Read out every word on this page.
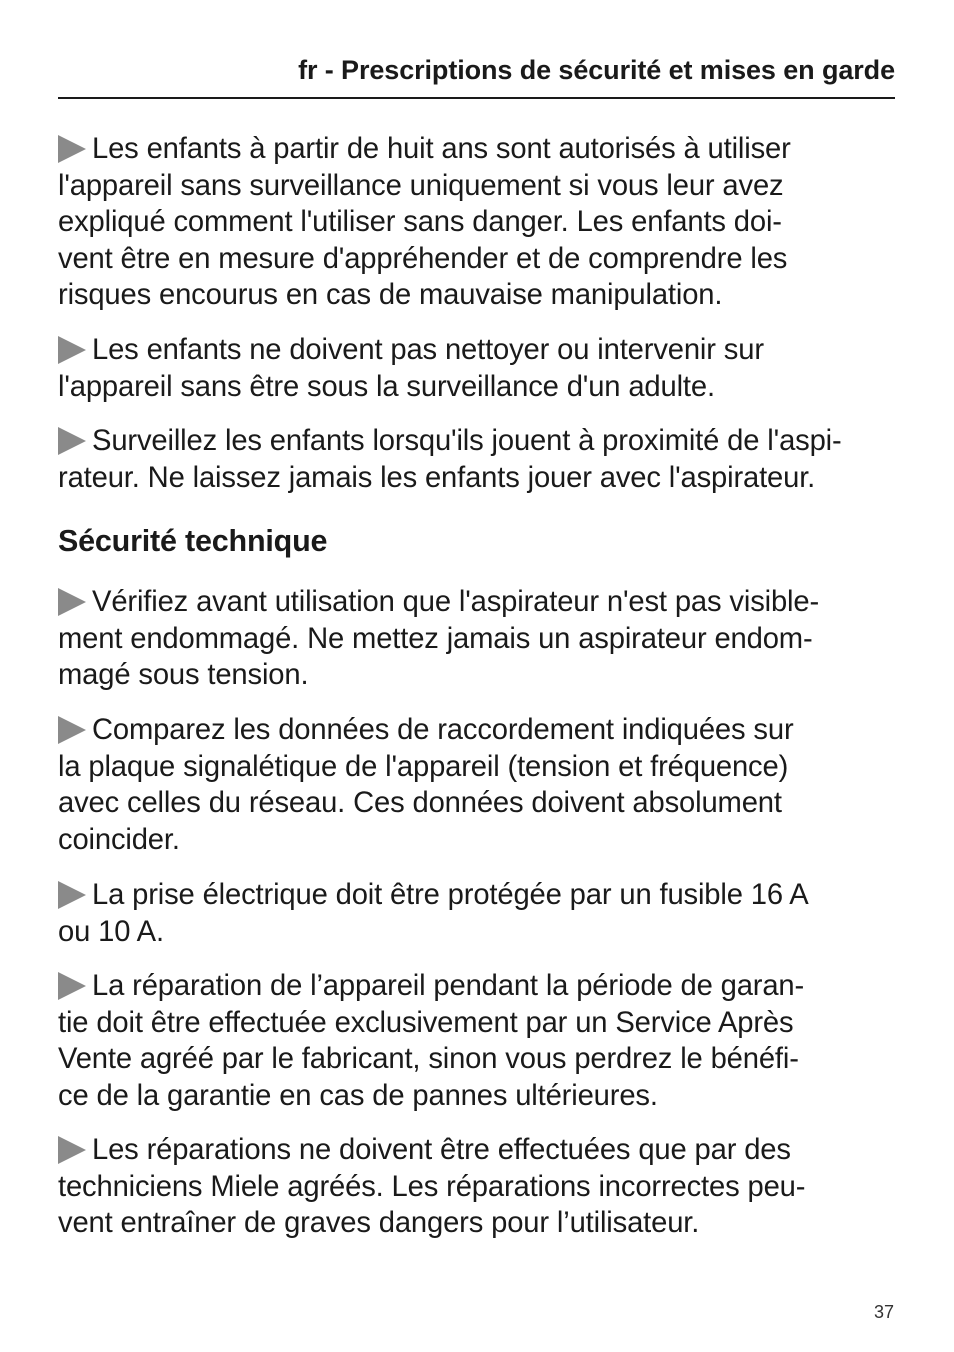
fr - Prescriptions de sécurité et mises en garde

Les enfants à partir de huit ans sont autorisés à utiliser
l'appareil sans surveillance uniquement si vous leur avez
expliqué comment l'utiliser sans danger. Les enfants doi-
vent être en mesure d'appréhender et de comprendre les
risques encourus en cas de mauvaise manipulation.

Les enfants ne doivent pas nettoyer ou intervenir sur
l'appareil sans être sous la surveillance d'un adulte.

Surveillez les enfants lorsqu'ils jouent à proximité de l'aspi-
rateur. Ne laissez jamais les enfants jouer avec l'aspirateur.

Sécurité technique

Vérifiez avant utilisation que l'aspirateur n'est pas visible-
ment endommagé. Ne mettez jamais un aspirateur endom-
magé sous tension.

Comparez les données de raccordement indiquées sur
la plaque signalétique de l'appareil (tension et fréquence)
avec celles du réseau. Ces données doivent absolument
coincider.

La prise électrique doit être protégée par un fusible 16 A
ou 10 A.

La réparation de l’appareil pendant la période de garan-
tie doit être effectuée exclusivement par un Service Après
Vente agréé par le fabricant, sinon vous perdrez le bénéfi-
ce de la garantie en cas de pannes ultérieures.

Les réparations ne doivent être effectuées que par des
techniciens Miele agréés. Les réparations incorrectes peu-
vent entraîner de graves dangers pour l’utilisateur.

37
